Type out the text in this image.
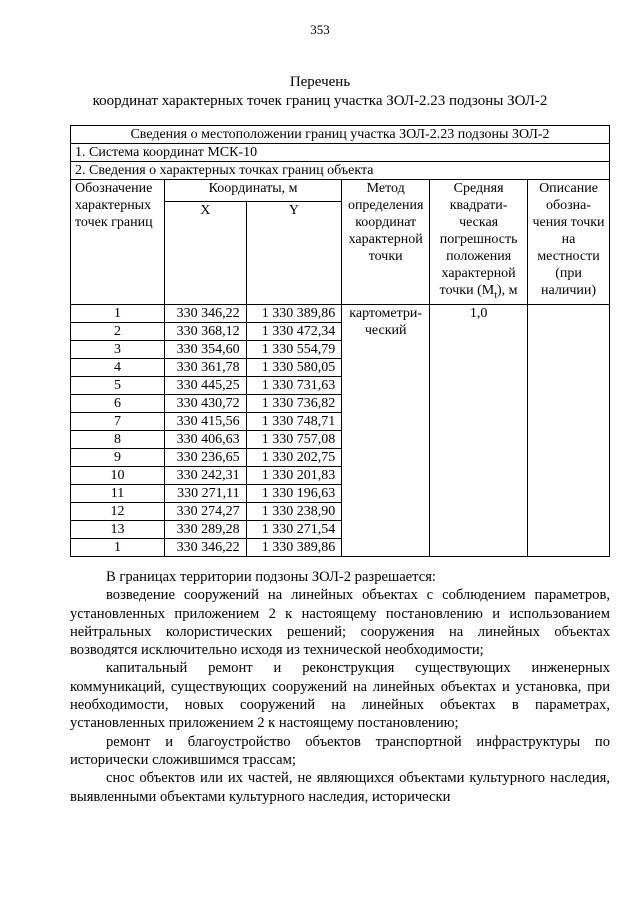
353
Перечень
координат характерных точек границ участка ЗОЛ-2.23 подзоны ЗОЛ-2
Сведения о местоположении границ участка ЗОЛ-2.23 подзоны ЗОЛ-2					
1. Система координат МСК-10					
2. Сведения о характерных точках границ объекта					
Обозначение характерных точек границ	Координаты, м		Метод определения координат характерной точки	Средняя квадрати-ческая погрешность положения характерной точки $(M_t)$, м	Описание обозна-чения точки на местности (при наличии)
	X	Y			
1	330 346,22	1 330 389,86	картометри-ческий	1,0	
2	330 368,12	1 330 472,34			
3	330 354,60	1 330 554,79			
4	330 361,78	1 330 580,05			
5	330 445,25	1 330 731,63			
6	330 430,72	1 330 736,82			
7	330 415,56	1 330 748,71			
8	330 406,63	1 330 757,08			
9	330 236,65	1 330 202,75			
10	330 242,31	1 330 201,83			
11	330 271,11	1 330 196,63			
12	330 274,27	1 330 238,90			
13	330 289,28	1 330 271,54			
1	330 346,22	1 330 389,86			

В границах территории подзоны ЗОЛ-2 разрешается:

возведение сооружений на линейных объектах с соблюдением параметров, установленных приложением 2 к настоящему постановлению и использованием нейтральных колористических решений; сооружения на линейных объектах возводятся исключительно исходя из технической необходимости;

капитальный ремонт и реконструкция существующих инженерных коммуникаций, существующих сооружений на линейных объектах и установка, при необходимости, новых сооружений на линейных объектах в параметрах, установленных приложением 2 к настоящему постановлению;

ремонт и благоустройство объектов транспортной инфраструктуры по исторически сложившимся трассам;

снос объектов или их частей, не являющихся объектами культурного наследия, выявленными объектами культурного наследия, исторически
